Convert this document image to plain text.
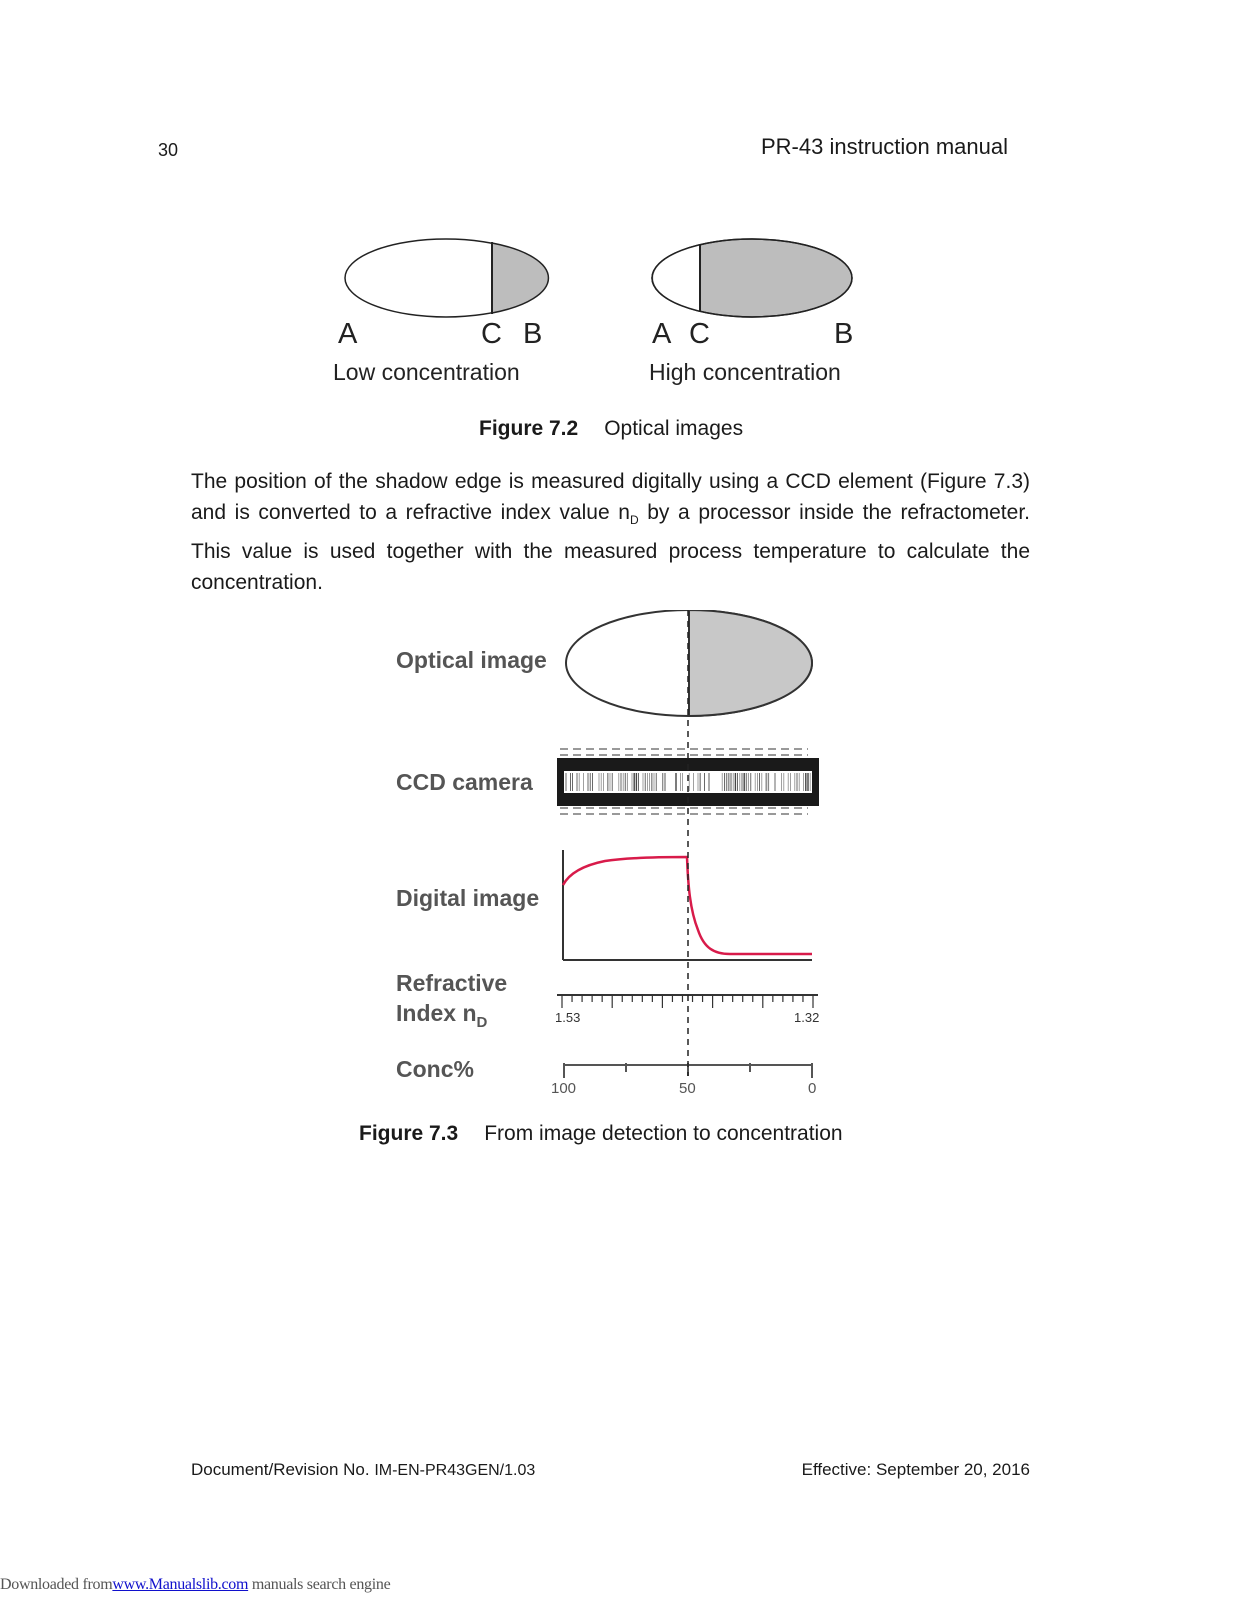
30	PR-43 instruction manual
A	C B
Low concentration
A C	B
High concentration
Figure 7.2 Optical images
The position of the shadow edge is measured digitally using a CCD element (Figure 7.3) and is converted to a refractive index value $n_D$ by a processor inside the refractometer. This value is used together with the measured process temperature to calculate the concentration.
Optical image
CCD camera
Digital image
Refractive
Index $n_D$
Conc%
1.53	1.32
100	50	0
Figure 7.3 From image detection to concentration
Document/Revision No. IM-EN-PR43GEN/1.03	Effective: September 20, 2016
Downloaded fromwww.Manualslib.com manuals search engine
